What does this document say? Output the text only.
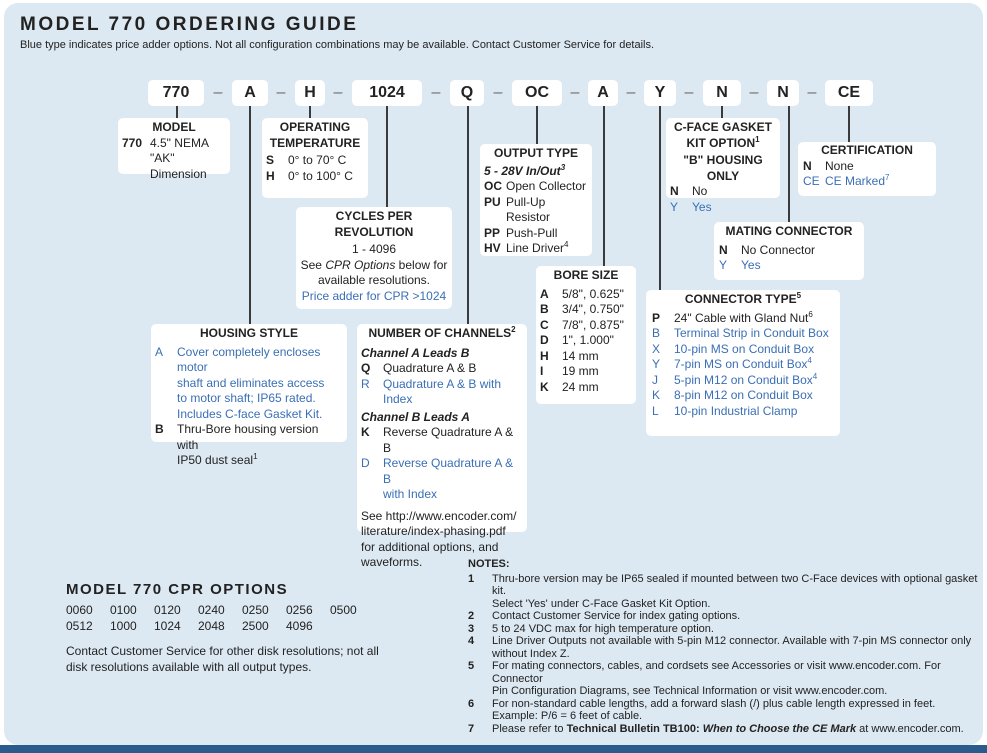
MODEL 770 ORDERING GUIDE
Blue type indicates price adder options. Not all configuration combinations may be available. Contact Customer Service for details.
770	–	A	–	H	–	1024	–	Q	–	OC	–	A	–	Y	–	N	–	N	–	CE
MODEL
770 4.5" NEMA
"AK" Dimension
OPERATING
TEMPERATURE
S	0° to 70° C
H	0° to 100° C
CYCLES PER
REVOLUTION
1 - 4096
See CPR Options below for
available resolutions.
Price adder for CPR >1024
HOUSING STYLE
A	Cover completely encloses motor
shaft and eliminates access
to motor shaft; IP65 rated.
Includes C-face Gasket Kit.
B	Thru-Bore housing version with
IP50 dust seal$^1$
NUMBER OF CHANNELS$^2$
Channel A Leads B
Q	Quadrature A & B
R	Quadrature A & B with Index
Channel B Leads A
K	Reverse Quadrature A & B
D	Reverse Quadrature A & B
with Index
See http://www.encoder.com/
literature/index-phasing.pdf
for additional options, and
waveforms.
OUTPUT TYPE
5 - 28V In/Out$^3$
OC Open Collector
PU Pull-Up Resistor
PP Push-Pull
HV Line Driver$^4$
BORE SIZE
A	5/8", 0.625"
B	3/4", 0.750"
C	7/8", 0.875"
D	1", 1.000"
H	14 mm
I	19 mm
K	24 mm
C-FACE GASKET
KIT OPTION$^1$
"B" HOUSING ONLY
N	No
Y	Yes
CERTIFICATION
N	None
CE CE Marked$^7$
MATING CONNECTOR
N	No Connector
Y	Yes
CONNECTOR TYPE$^5$
P	24" Cable with Gland Nut$^6$
B	Terminal Strip in Conduit Box
X	10-pin MS on Conduit Box
Y	7-pin MS on Conduit Box$^4$
J	5-pin M12 on Conduit Box$^4$
K	8-pin M12 on Conduit Box
L	10-pin Industrial Clamp
MODEL 770 CPR OPTIONS
0060 0100 0120 0240 0250 0256 0500
0512 1000 1024 2048 2500 4096
Contact Customer Service for other disk resolutions; not all disk resolutions available with all output types.
NOTES:
1	Thru-bore version may be IP65 sealed if mounted between two C-Face devices with optional gasket kit.
Select 'Yes' under C-Face Gasket Kit Option.
2	Contact Customer Service for index gating options.
3	5 to 24 VDC max for high temperature option.
4	Line Driver Outputs not available with 5-pin M12 connector. Available with 7-pin MS connector only
without Index Z.
5	For mating connectors, cables, and cordsets see Accessories or visit www.encoder.com. For Connector
Pin Configuration Diagrams, see Technical Information or visit www.encoder.com.
6	For non-standard cable lengths, add a forward slash (/) plus cable length expressed in feet.
Example: P/6 = 6 feet of cable.
7	Please refer to Technical Bulletin TB100: When to Choose the CE Mark at www.encoder.com.
